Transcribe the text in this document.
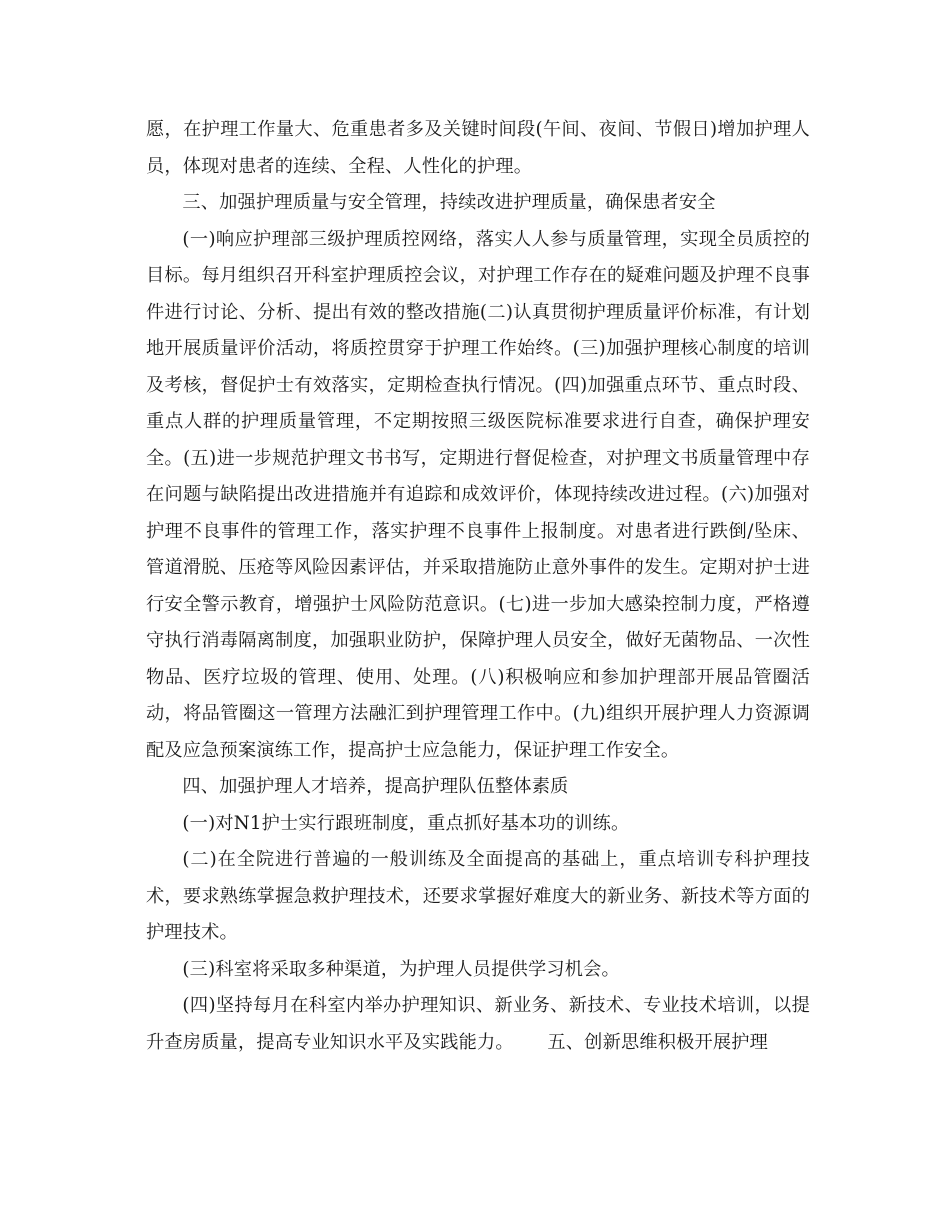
愿，在护理工作量大、危重患者多及关键时间段(午间、夜间、节假日)增加护理人员，体现对患者的连续、全程、人性化的护理。

三、加强护理质量与安全管理，持续改进护理质量，确保患者安全

(一)响应护理部三级护理质控网络，落实人人参与质量管理，实现全员质控的目标。每月组织召开科室护理质控会议，对护理工作存在的疑难问题及护理不良事件进行讨论、分析、提出有效的整改措施(二)认真贯彻护理质量评价标准，有计划地开展质量评价活动，将质控贯穿于护理工作始终。(三)加强护理核心制度的培训及考核，督促护士有效落实，定期检查执行情况。(四)加强重点环节、重点时段、重点人群的护理质量管理，不定期按照三级医院标准要求进行自查，确保护理安全。(五)进一步规范护理文书书写，定期进行督促检查，对护理文书质量管理中存在问题与缺陷提出改进措施并有追踪和成效评价，体现持续改进过程。(六)加强对护理不良事件的管理工作，落实护理不良事件上报制度。对患者进行跌倒/坠床、管道滑脱、压疮等风险因素评估，并采取措施防止意外事件的发生。定期对护士进行安全警示教育，增强护士风险防范意识。(七)进一步加大感染控制力度，严格遵守执行消毒隔离制度，加强职业防护，保障护理人员安全，做好无菌物品、一次性物品、医疗垃圾的管理、使用、处理。(八)积极响应和参加护理部开展品管圈活动，将品管圈这一管理方法融汇到护理管理工作中。(九)组织开展护理人力资源调配及应急预案演练工作，提高护士应急能力，保证护理工作安全。

四、加强护理人才培养，提高护理队伍整体素质

(一)对N1护士实行跟班制度，重点抓好基本功的训练。

(二)在全院进行普遍的一般训练及全面提高的基础上，重点培训专科护理技术，要求熟练掌握急救护理技术，还要求掌握好难度大的新业务、新技术等方面的护理技术。

(三)科室将采取多种渠道，为护理人员提供学习机会。

(四)坚持每月在科室内举办护理知识、新业务、新技术、专业技术培训，以提升查房质量，提高专业知识水平及实践能力。　　 五、创新思维积极开展护理
